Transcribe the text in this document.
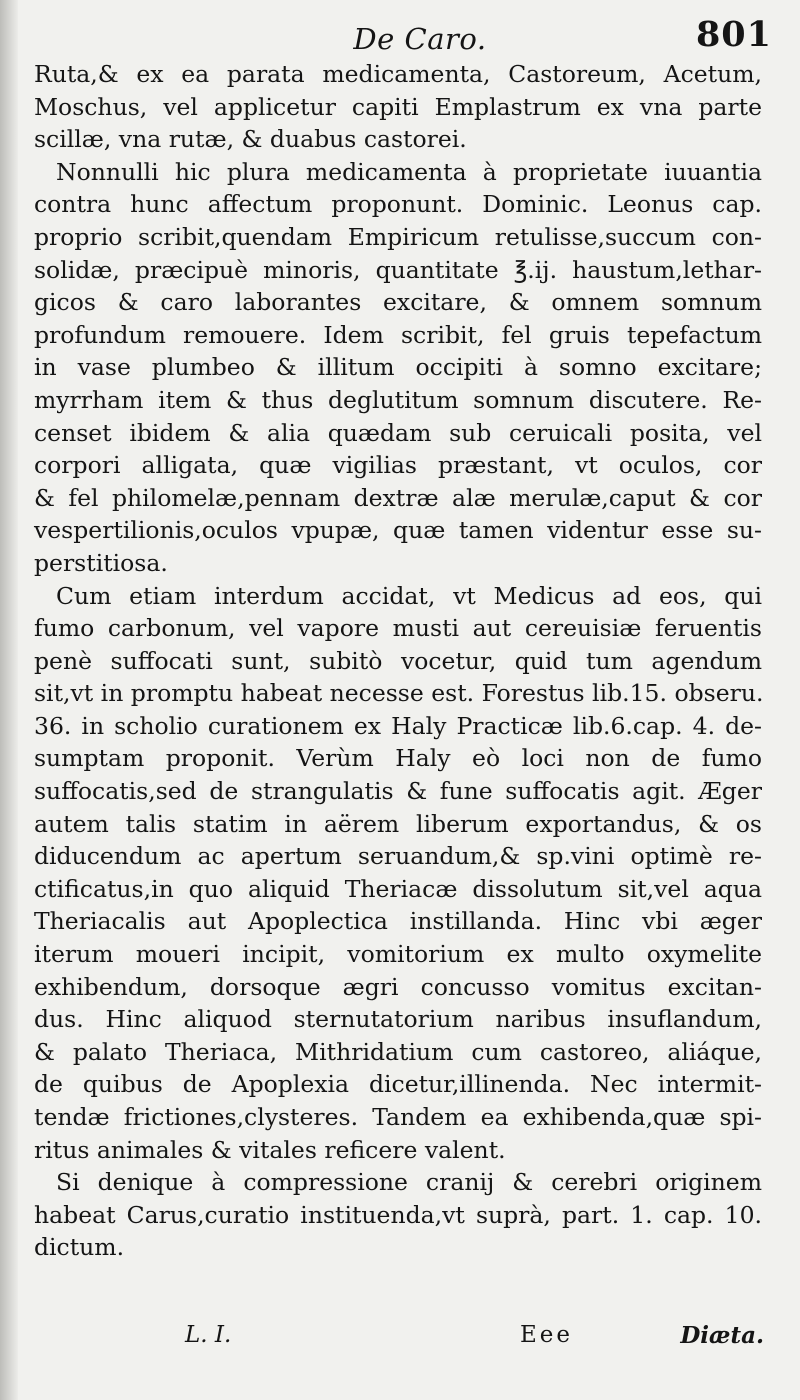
De Caro.	801
Ruta,& ex ea parata medicamenta, Castoreum, Acetum,
Moschus, vel applicetur capiti Emplastrum ex vna parte
scillæ, vna rutæ, & duabus castorei.
Nonnulli hic plura medicamenta à proprietate iuuantia
contra hunc affectum proponunt. Dominic. Leonus cap.
proprio scribit,quendam Empiricum retulisse,succum con-
solidæ, præcipuè minoris, quantitate ℥.ij. haustum,lethar-
gicos & caro laborantes excitare, & omnem somnum
profundum remouere. Idem scribit, fel gruis tepefactum
in vase plumbeo & illitum occipiti à somno excitare;
myrrham item & thus deglutitum somnum discutere. Re-
censet ibidem & alia quædam sub ceruicali posita, vel
corpori alligata, quæ vigilias præstant, vt oculos, cor
& fel philomelæ,pennam dextræ alæ merulæ,caput & cor
vespertilionis,oculos vpupæ, quæ tamen videntur esse su-
perstitiosa.
Cum etiam interdum accidat, vt Medicus ad eos, qui
fumo carbonum, vel vapore musti aut cereuisiæ feruentis
penè suffocati sunt, subitò vocetur, quid tum agendum
sit,vt in promptu habeat necesse est. Forestus lib.15. obseru.
36. in scholio curationem ex Haly Practicæ lib.6.cap. 4. de-
sumptam proponit. Verùm Haly eò loci non de fumo
suffocatis,sed de strangulatis & fune suffocatis agit. Æger
autem talis statim in aërem liberum exportandus, & os
diducendum ac apertum seruandum,& sp.vini optimè re-
ctificatus,in quo aliquid Theriacæ dissolutum sit,vel aqua
Theriacalis aut Apoplectica instillanda. Hinc vbi æger
iterum moueri incipit, vomitorium ex multo oxymelite
exhibendum, dorsoque ægri concusso vomitus excitan-
dus. Hinc aliquod sternutatorium naribus insuflandum,
& palato Theriaca, Mithridatium cum castoreo, aliáque,
de quibus de Apoplexia dicetur,illinenda. Nec intermit-
tendæ frictiones,clysteres. Tandem ea exhibenda,quæ spi-
ritus animales & vitales reficere valent.
Si denique à compressione cranij & cerebri originem
habeat Carus,curatio instituenda,vt suprà, part. 1. cap. 10.
dictum.
L. I.	Eee	Diæta.
